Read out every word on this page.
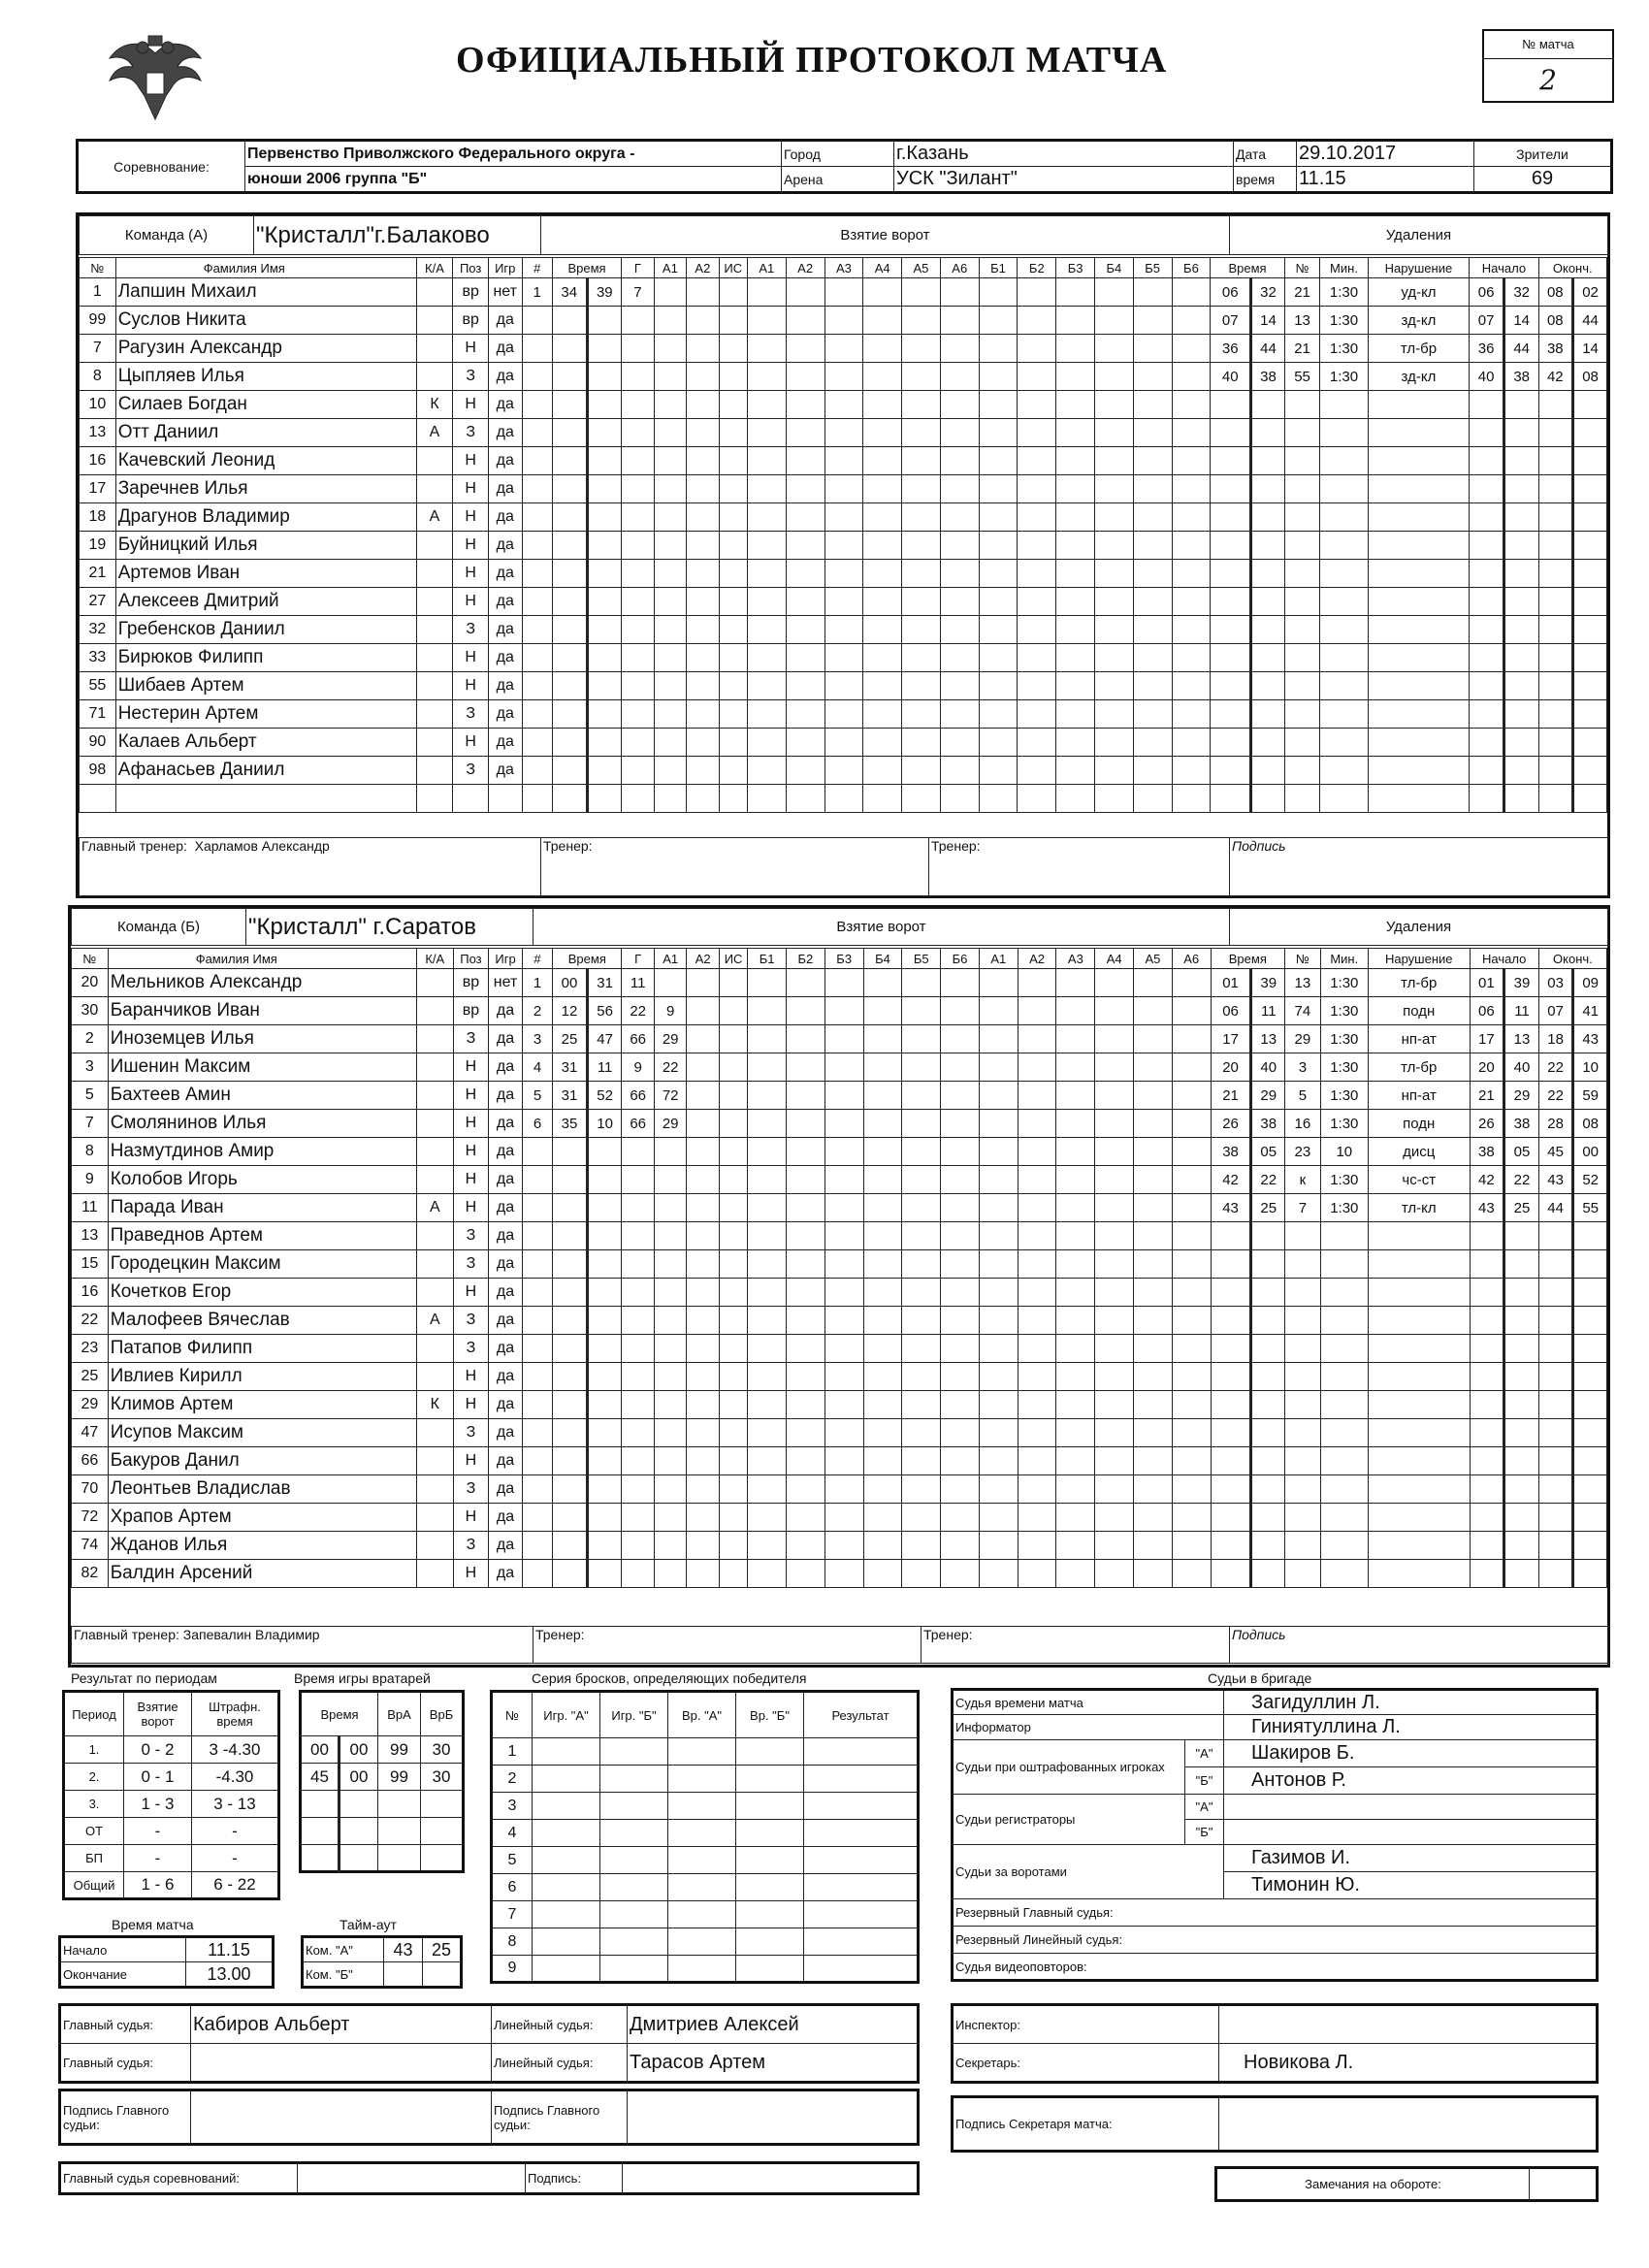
ОФИЦИАЛЬНЫЙ ПРОТОКОЛ МАТЧА	№ матча
2
Соревнование:	Первенство Приволжского Федерального округа -	Город	г.Казань	Дата	29.10.2017	Зрители
	юноши 2006 группа "Б"	Арена	УСК "Зилант"	время	11.15	69
Команда (А)	"Кристалл"г.Балаково	Взятие ворот	Удаления
№	Фамилия Имя	К/А	Поз	Игр	#	Время		Г	А1	А2	ИС	А1	А2	А3	А4	А5	А6	Б1	Б2	Б3	Б4	Б5	Б6	Время		№	Мин.	Нарушение	Начало		Оконч.	
1	Лапшин Михаил		вр	нет	1	34	39	7																06	32	21	1:30	уд-кл	06	32	08	02
99	Суслов Никита		вр	да																				07	14	13	1:30	зд-кл	07	14	08	44
7	Рагузин Александр		Н	да																				36	44	21	1:30	тл-бр	36	44	38	14
8	Цыпляев Илья		З	да																				40	38	55	1:30	зд-кл	40	38	42	08
10	Силаев Богдан	К	Н	да																												
13	Отт Даниил	А	З	да																												
16	Качевский Леонид		Н	да																												
17	Заречнев Илья		Н	да																												
18	Драгунов Владимир	А	Н	да																												
19	Буйницкий Илья		Н	да																												
21	Артемов Иван		Н	да																												
27	Алексеев Дмитрий		Н	да																												
32	Гребенсков Даниил		З	да																												
33	Бирюков Филипп		Н	да																												
55	Шибаев Артем		Н	да																												
71	Нестерин Артем		З	да																												
90	Калаев Альберт		Н	да																												
98	Афанасьев Даниил		З	да																												

Главный тренер: Харламов Александр	Тренер:	Тренер:	Подпись
Команда (Б)	"Кристалл" г.Саратов	Взятие ворот	Удаления
№	Фамилия Имя	К/А	Поз	Игр	#	Время		Г	А1	А2	ИС	Б1	Б2	Б3	Б4	Б5	Б6	А1	А2	А3	А4	А5	А6	Время		№	Мин.	Нарушение	Начало		Оконч.	
20	Мельников Александр		вр	нет	1	00	31	11																01	39	13	1:30	тл-бр	01	39	03	09
30	Баранчиков Иван		вр	да	2	12	56	22	9															06	11	74	1:30	подн	06	11	07	41
2	Иноземцев Илья		З	да	3	25	47	66	29															17	13	29	1:30	нп-ат	17	13	18	43
3	Ишенин Максим		Н	да	4	31	11	9	22															20	40	3	1:30	тл-бр	20	40	22	10
5	Бахтеев Амин		Н	да	5	31	52	66	72															21	29	5	1:30	нп-ат	21	29	22	59
7	Смолянинов Илья		Н	да	6	35	10	66	29															26	38	16	1:30	подн	26	38	28	08
8	Назмутдинов Амир		Н	да																				38	05	23	10	дисц	38	05	45	00
9	Колобов Игорь		Н	да																				42	22	к	1:30	чс-ст	42	22	43	52
11	Парада Иван	А	Н	да																				43	25	7	1:30	тл-кл	43	25	44	55
13	Праведнов Артем		З	да																												
15	Городецкин Максим		З	да																												
16	Кочетков Егор		Н	да																												
22	Малофеев Вячеслав	А	З	да																												
23	Патапов Филипп		З	да																												
25	Ивлиев Кирилл		Н	да																												
29	Климов Артем	К	Н	да																												
47	Исупов Максим		З	да																												
66	Бакуров Данил		Н	да																												
70	Леонтьев Владислав		З	да																												
72	Храпов Артем		Н	да																												
74	Жданов Илья		З	да																												
82	Балдин Арсений		Н	да																												
Главный тренер: Запевалин Владимир	Тренер:	Тренер:	Подпись
Результат по периодам
Период	Взятие ворот	Штрафн. время
1.	0 - 2	3 -4.30
2.	0 - 1	-4.30
3.	1 - 3	3 - 13
ОТ	-	-
БП	-	-
Общий	1 - 6	6 - 22
Время игры вратарей
Время		ВрА	ВрБ
00	00	99	30
45	00	99	30

Время матча
Начало	11.15
Окончание	13.00
Тайм-аут
Ком. "А"	43	25
Ком. "Б"		
Серия бросков, определяющих победителя
№	Игр. "А"	Игр. "Б"	Вр. "А"	Вр. "Б"	Результат
1					
2					
3					
4					
5					
6					
7					
8					
9					
Судьи в бригаде
Судья времени матча		Загидуллин Л.
Информатор		Гиниятуллина Л.
Судьи при оштрафованных игроках	"А"	Шакиров Б.
	"Б"	Антонов Р.
Судьи регистраторы	"А"	
	"Б"	
Судьи за воротами		Газимов И.
		Тимонин Ю.
Резервный Главный судья:		
Резервный Линейный судья:		
Судья видеоповторов:		
Главный судья:	Кабиров Альберт	Линейный судья:	Дмитриев Алексей
Главный судья:		Линейный судья:	Тарасов Артем
Подпись Главного судьи:		Подпись Главного судьи:	
Главный судья соревнований:		Подпись:	
Инспектор:	
Секретарь:	Новикова Л.
Подпись Секретаря матча:	
Замечания на обороте:	
